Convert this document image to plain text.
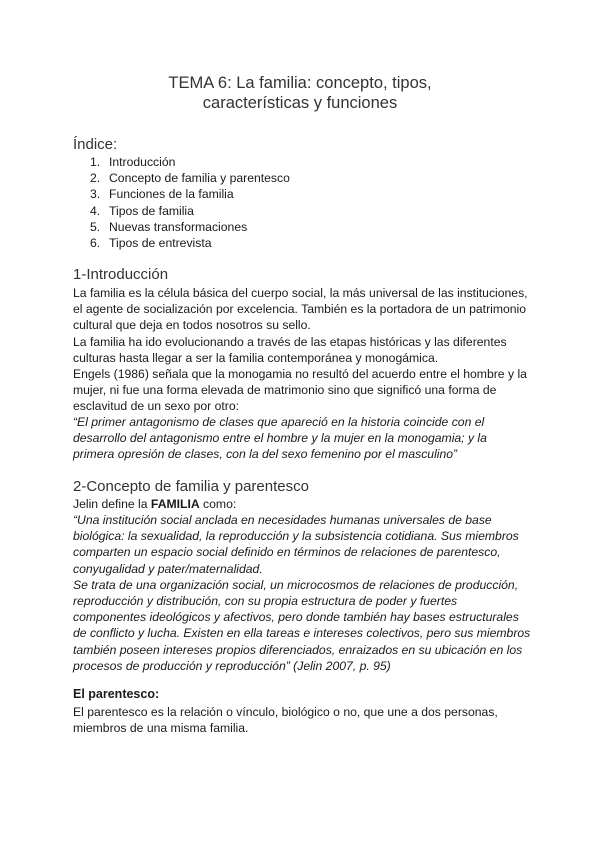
TEMA 6: La familia: concepto, tipos,
características y funciones
Índice:
1. Introducción
2. Concepto de familia y parentesco
3. Funciones de la familia
4. Tipos de familia
5. Nuevas transformaciones
6. Tipos de entrevista
1-Introducción

La familia es la célula básica del cuerpo social, la más universal de las instituciones,

el agente de socialización por excelencia. También es la portadora de un patrimonio

cultural que deja en todos nosotros su sello.

La familia ha ido evolucionando a través de las etapas históricas y las diferentes

culturas hasta llegar a ser la familia contemporánea y monogámica.

Engels (1986) señala que la monogamia no resultó del acuerdo entre el hombre y la

mujer, ni fue una forma elevada de matrimonio sino que significó una forma de

esclavitud de un sexo por otro:

“El primer antagonismo de clases que apareció en la historia coincide con el

desarrollo del antagonismo entre el hombre y la mujer en la monogamia; y la

primera opresión de clases, con la del sexo femenino por el masculino”

2-Concepto de familia y parentesco

Jelin define la FAMILIA como:

“Una institución social anclada en necesidades humanas universales de base

biológica: la sexualidad, la reproducción y la subsistencia cotidiana. Sus miembros

comparten un espacio social definido en términos de relaciones de parentesco,

conyugalidad y pater/maternalidad.

Se trata de una organización social, un microcosmos de relaciones de producción,

reproducción y distribución, con su propia estructura de poder y fuertes

componentes ideológicos y afectivos, pero donde también hay bases estructurales

de conflicto y lucha. Existen en ella tareas e intereses colectivos, pero sus miembros

también poseen intereses propios diferenciados, enraizados en su ubicación en los

procesos de producción y reproducción” (Jelin 2007, p. 95)

El parentesco:

El parentesco es la relación o vínculo, biológico o no, que une a dos personas,

miembros de una misma familia.
